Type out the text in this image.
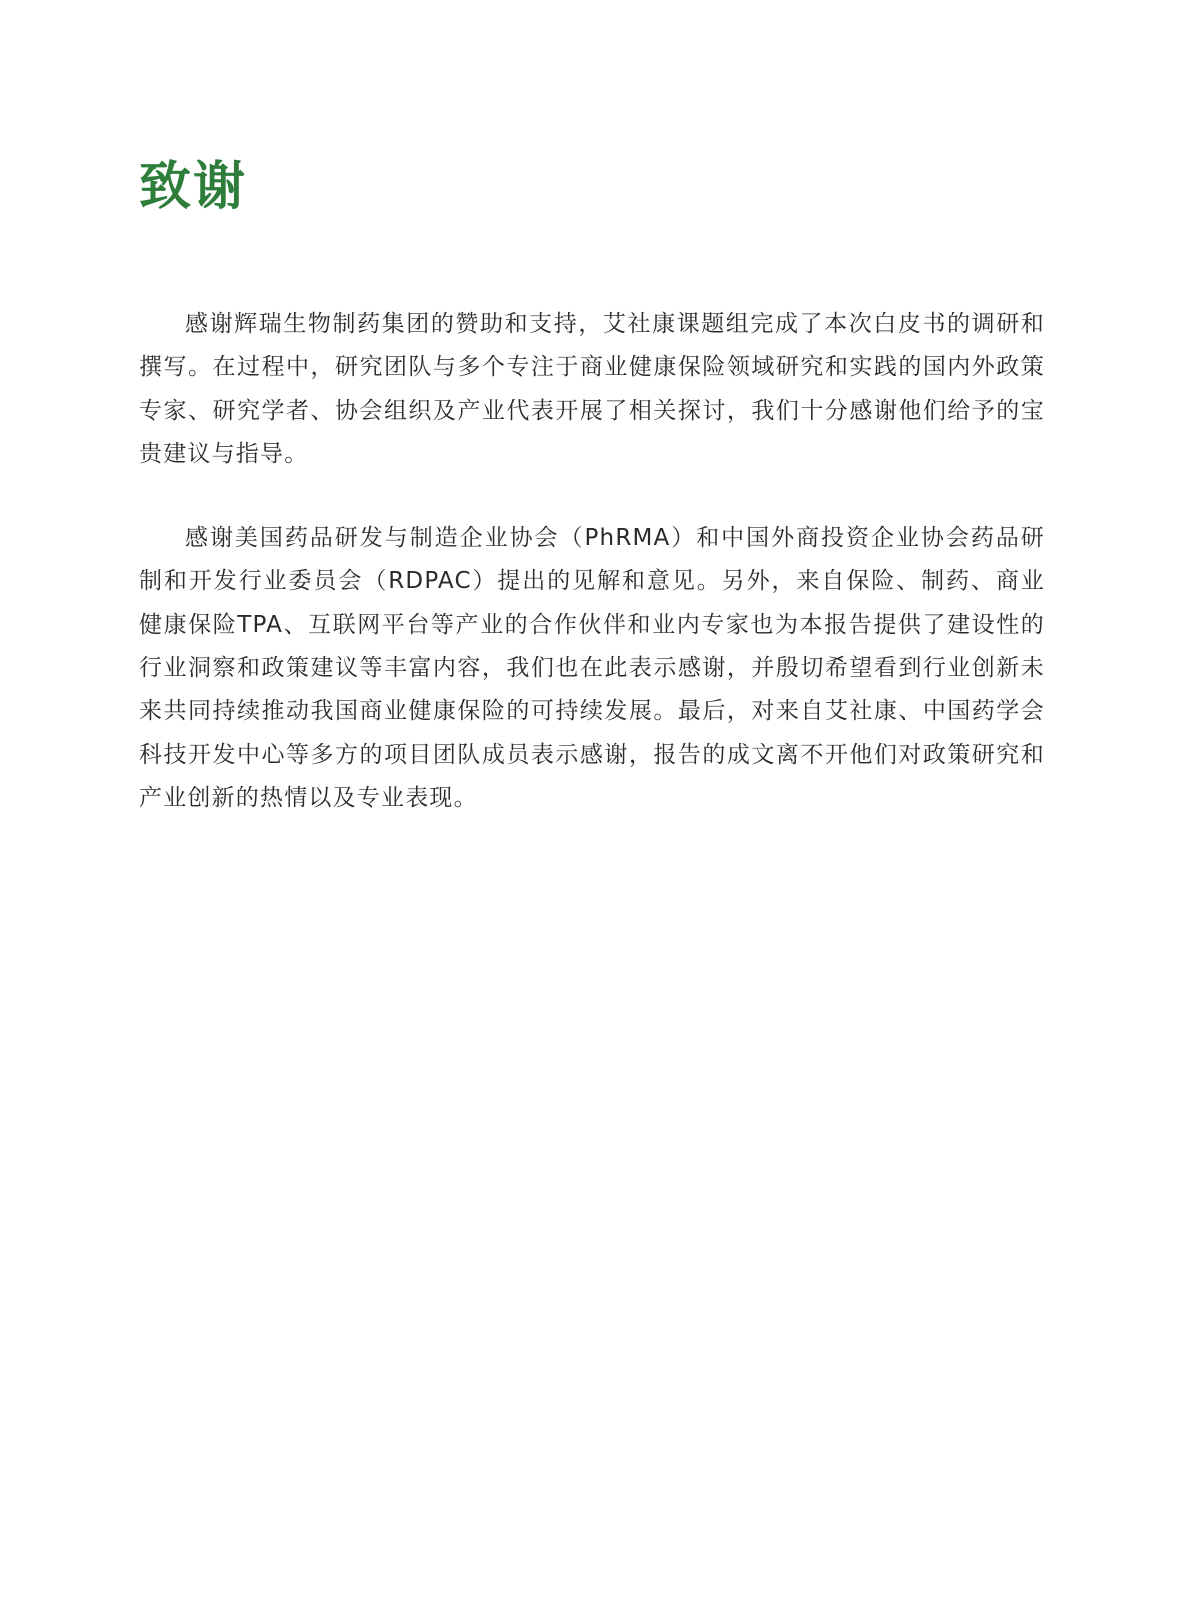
致谢

感谢辉瑞生物制药集团的赞助和支持，艾社康课题组完成了本次白皮书的调研和撰写。在过程中，研究团队与多个专注于商业健康保险领域研究和实践的国内外政策专家、研究学者、协会组织及产业代表开展了相关探讨，我们十分感谢他们给予的宝贵建议与指导。

感谢美国药品研发与制造企业协会（PhRMA）和中国外商投资企业协会药品研制和开发行业委员会（RDPAC）提出的见解和意见。另外，来自保险、制药、商业健康保险TPA、互联网平台等产业的合作伙伴和业内专家也为本报告提供了建设性的行业洞察和政策建议等丰富内容，我们也在此表示感谢，并殷切希望看到行业创新未来共同持续推动我国商业健康保险的可持续发展。最后，对来自艾社康、中国药学会科技开发中心等多方的项目团队成员表示感谢，报告的成文离不开他们对政策研究和产业创新的热情以及专业表现。
